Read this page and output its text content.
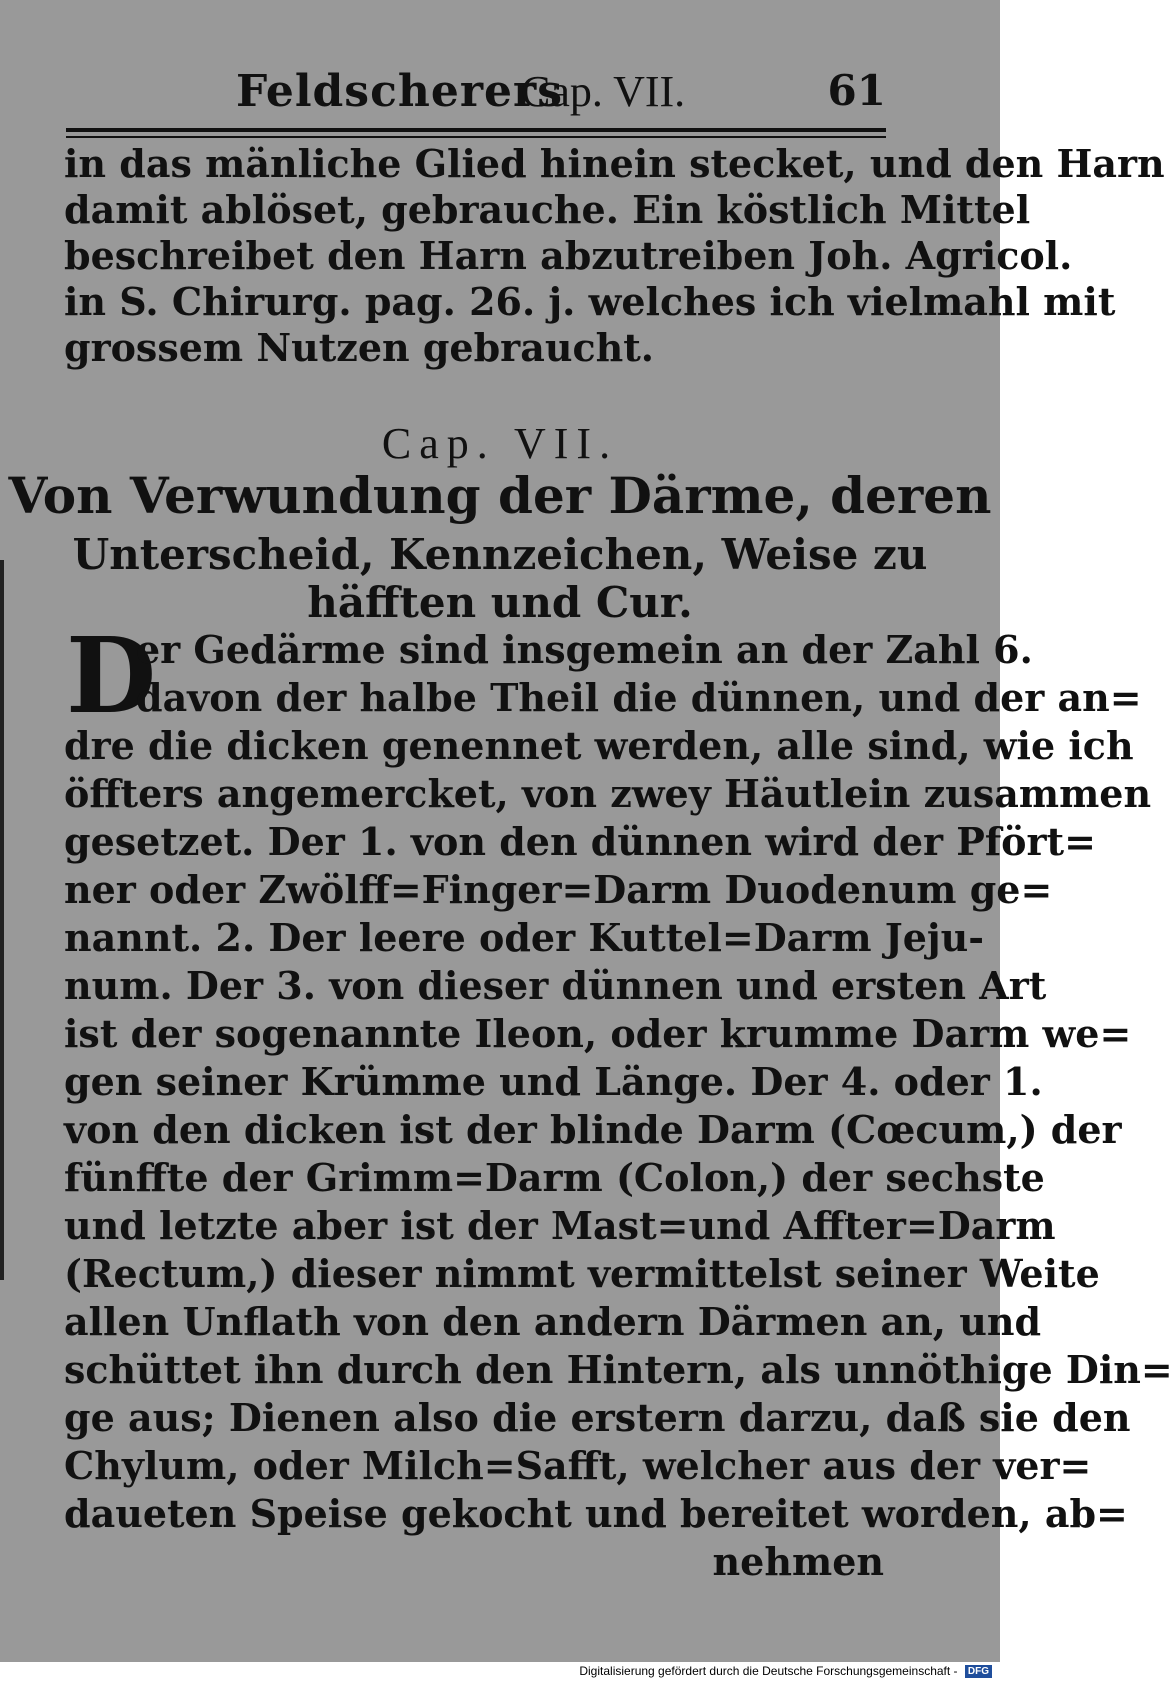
Feldscherers
Cap. VII.	61
in das mänliche Glied hinein stecket, und den Harn
damit ablöset, gebrauche. Ein köstlich Mittel
beschreibet den Harn abzutreiben Joh. Agricol.
in S. Chirurg. pag. 26. j. welches ich vielmahl mit
grossem Nutzen gebraucht.
Cap. VII.
Von Verwundung der Därme, deren
Unterscheid, Kennzeichen, Weise zu
häfften und Cur.
D
er Gedärme sind insgemein an der Zahl 6.
davon der halbe Theil die dünnen, und der an=
dre die dicken genennet werden, alle sind, wie ich
öffters angemercket, von zwey Häutlein zusammen
gesetzet. Der 1. von den dünnen wird der Pfört=
ner oder Zwölff=Finger=Darm Duodenum ge=
nannt. 2. Der leere oder Kuttel=Darm Jeju-
num. Der 3. von dieser dünnen und ersten Art
ist der sogenannte Ileon, oder krumme Darm we=
gen seiner Krümme und Länge. Der 4. oder 1.
von den dicken ist der blinde Darm (Cœcum,) der
fünffte der Grimm=Darm (Colon,) der sechste
und letzte aber ist der Mast=und Affter=Darm
(Rectum,) dieser nimmt vermittelst seiner Weite
allen Unflath von den andern Därmen an, und
schüttet ihn durch den Hintern, als unnöthige Din=
ge aus; Dienen also die erstern darzu, daß sie den
Chylum, oder Milch=Safft, welcher aus der ver=
daueten Speise gekocht und bereitet worden, ab=
nehmen
Digitalisierung gefördert durch die Deutsche Forschungsgemeinschaft - DFG
